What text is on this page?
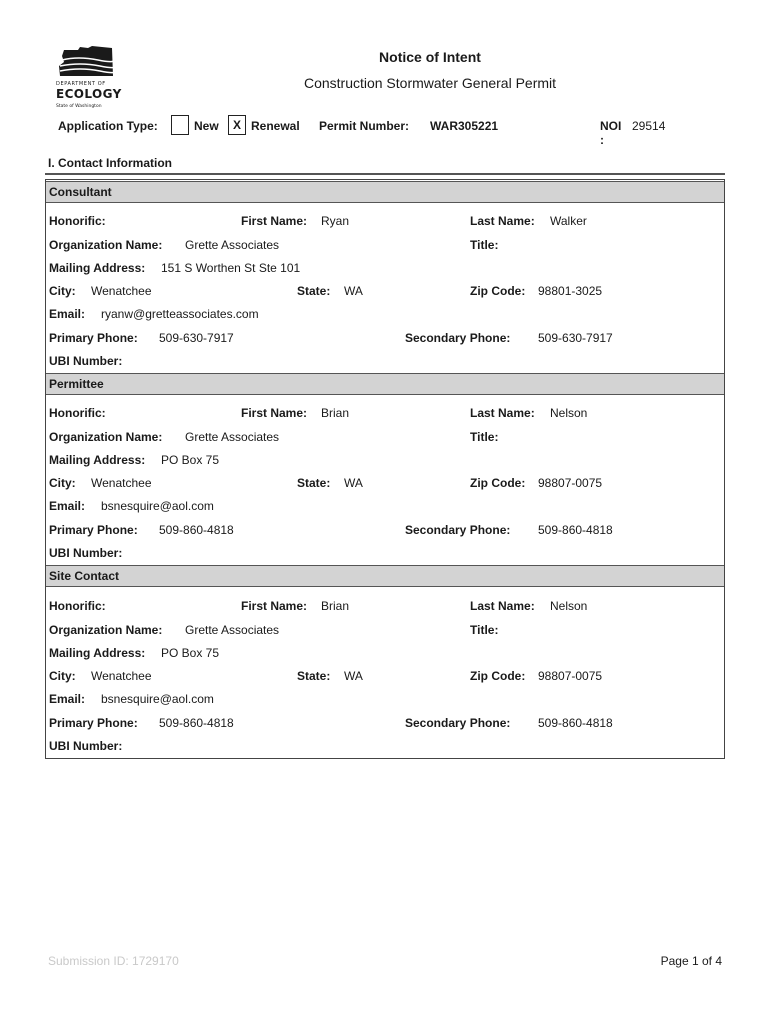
DEPARTMENT OF
ECOLOGY
State of Washington
Notice of Intent
Construction Stormwater General Permit
Application Type:	New	X Renewal Permit Number: WAR305221	NOI
:
29514
I. Contact Information
Consultant
Honorific:	First Name: Ryan	Last Name: Walker
Organization Name: Grette Associates	Title:
Mailing Address: 151 S Worthen St Ste 101
City: Wenatchee	State: WA	Zip Code: 98801-3025
Email: ryanw@gretteassociates.com
Primary Phone: 509-630-7917	Secondary Phone: 509-630-7917
UBI Number:
Permittee
Honorific:	First Name: Brian	Last Name: Nelson
Organization Name: Grette Associates	Title:
Mailing Address: PO Box 75
City: Wenatchee	State: WA	Zip Code: 98807-0075
Email: bsnesquire@aol.com
Primary Phone: 509-860-4818	Secondary Phone: 509-860-4818
UBI Number:
Site Contact
Honorific:	First Name: Brian	Last Name: Nelson
Organization Name: Grette Associates	Title:
Mailing Address: PO Box 75
City: Wenatchee	State: WA	Zip Code: 98807-0075
Email: bsnesquire@aol.com
Primary Phone: 509-860-4818	Secondary Phone: 509-860-4818
UBI Number:
Submission ID: 1729170	Page 1 of 4
